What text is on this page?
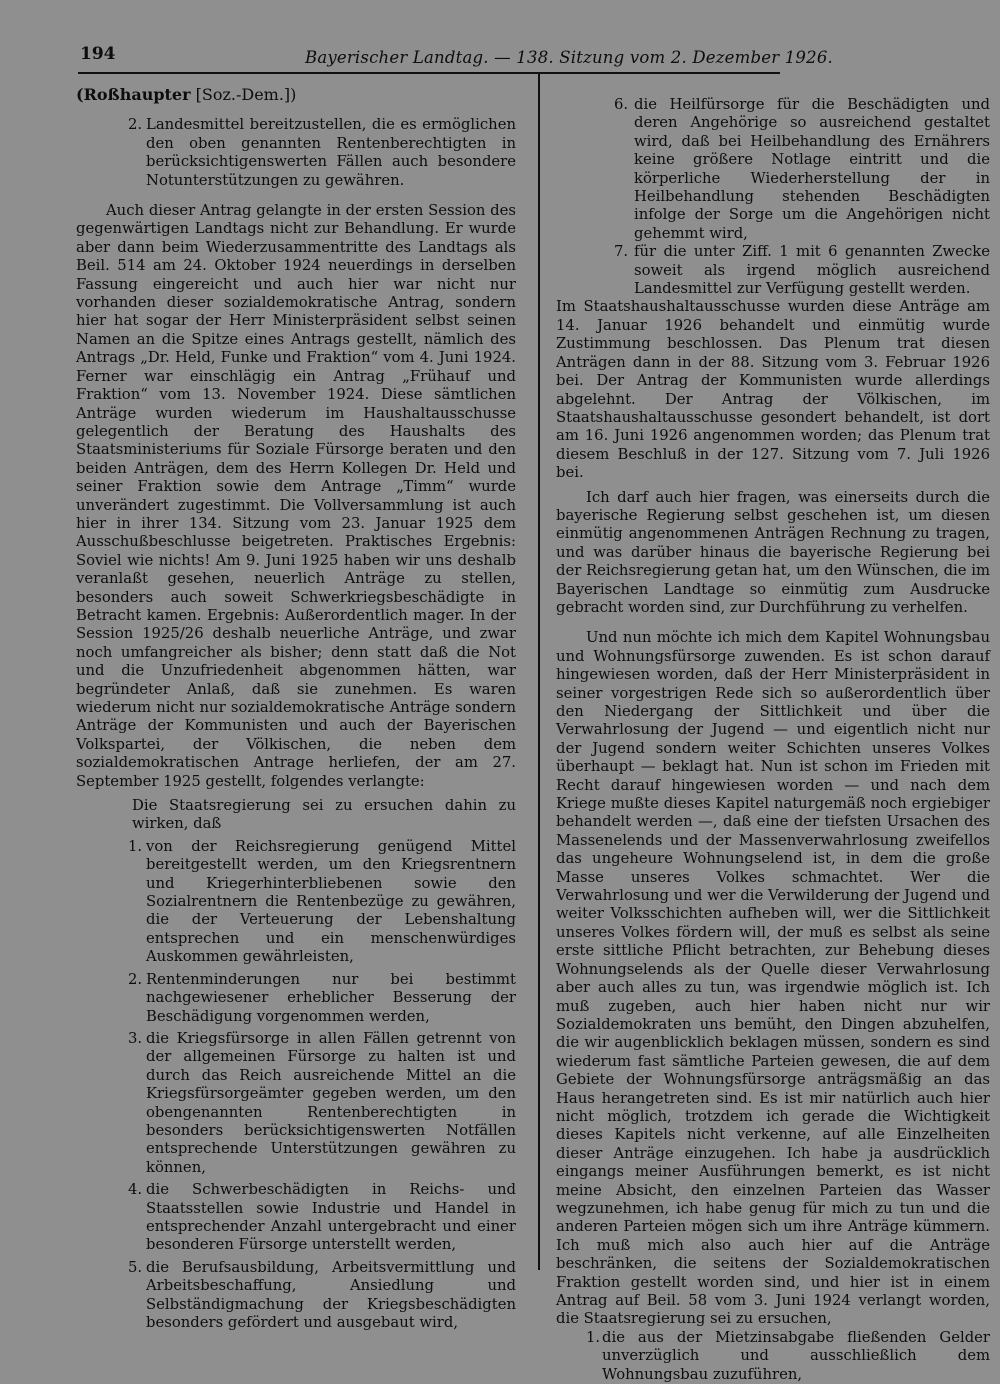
194	Bayerischer Landtag. — 138. Sitzung vom 2. Dezember 1926.
(Roßhaupter [Soz.-Dem.])
2. Landesmittel bereitzustellen, die es ermöglichen den oben genannten Rentenberechtigten in berücksichtigenswerten Fällen auch besondere Notunterstützungen zu gewähren.

Auch dieser Antrag gelangte in der ersten Session des gegenwärtigen Landtags nicht zur Behandlung. Er wurde aber dann beim Wiederzusammentritte des Landtags als Beil. 514 am 24. Oktober 1924 neuerdings in derselben Fassung eingereicht und auch hier war nicht nur vorhanden dieser sozialdemokratische Antrag, sondern hier hat sogar der Herr Ministerpräsident selbst seinen Namen an die Spitze eines Antrags gestellt, nämlich des Antrags „Dr. Held, Funke und Fraktion“ vom 4. Juni 1924. Ferner war einschlägig ein Antrag „Frühauf und Fraktion“ vom 13. November 1924. Diese sämtlichen Anträge wurden wiederum im Haushaltausschusse gelegentlich der Beratung des Haushalts des Staatsministeriums für Soziale Fürsorge beraten und den beiden Anträgen, dem des Herrn Kollegen Dr. Held und seiner Fraktion sowie dem Antrage „Timm“ wurde unverändert zugestimmt. Die Vollversammlung ist auch hier in ihrer 134. Sitzung vom 23. Januar 1925 dem Ausschußbeschlusse beigetreten. Praktisches Ergebnis: Soviel wie nichts! Am 9. Juni 1925 haben wir uns deshalb veranlaßt gesehen, neuerlich Anträge zu stellen, besonders auch soweit Schwerkriegsbeschädigte in Betracht kamen. Ergebnis: Außerordentlich mager. In der Session 1925/26 deshalb neuerliche Anträge, und zwar noch umfangreicher als bisher; denn statt daß die Not und die Unzufriedenheit abgenommen hätten, war begründeter Anlaß, daß sie zunehmen. Es waren wiederum nicht nur sozialdemokratische Anträge sondern Anträge der Kommunisten und auch der Bayerischen Volkspartei, der Völkischen, die neben dem sozialdemokratischen Antrage herliefen, der am 27. September 1925 gestellt, folgendes verlangte:

Die Staatsregierung sei zu ersuchen dahin zu wirken, daß
1. von der Reichsregierung genügend Mittel bereitgestellt werden, um den Kriegsrentnern und Kriegerhinterbliebenen sowie den Sozialrentnern die Rentenbezüge zu gewähren, die der Verteuerung der Lebenshaltung entsprechen und ein menschenwürdiges Auskommen gewährleisten,
2. Rentenminderungen nur bei bestimmt nachgewiesener erheblicher Besserung der Beschädigung vorgenommen werden,
3. die Kriegsfürsorge in allen Fällen getrennt von der allgemeinen Fürsorge zu halten ist und durch das Reich ausreichende Mittel an die Kriegsfürsorgeämter gegeben werden, um den obengenannten Rentenberechtigten in besonders berücksichtigenswerten Notfällen entsprechende Unterstützungen gewähren zu können,
4. die Schwerbeschädigten in Reichs- und Staatsstellen sowie Industrie und Handel in entsprechender Anzahl untergebracht und einer besonderen Fürsorge unterstellt werden,
5. die Berufsausbildung, Arbeitsvermittlung und Arbeitsbeschaffung, Ansiedlung und Selbständigmachung der Kriegsbeschädigten besonders gefördert und ausgebaut wird,
6. die Heilfürsorge für die Beschädigten und deren Angehörige so ausreichend gestaltet wird, daß bei Heilbehandlung des Ernährers keine größere Notlage eintritt und die körperliche Wiederherstellung der in Heilbehandlung stehenden Beschädigten infolge der Sorge um die Angehörigen nicht gehemmt wird,
7. für die unter Ziff. 1 mit 6 genannten Zwecke soweit als irgend möglich ausreichend Landesmittel zur Verfügung gestellt werden.

Im Staatshaushaltausschusse wurden diese Anträge am 14. Januar 1926 behandelt und einmütig wurde Zustimmung beschlossen. Das Plenum trat diesen Anträgen dann in der 88. Sitzung vom 3. Februar 1926 bei. Der Antrag der Kommunisten wurde allerdings abgelehnt. Der Antrag der Völkischen, im Staatshaushaltausschusse gesondert behandelt, ist dort am 16. Juni 1926 angenommen worden; das Plenum trat diesem Beschluß in der 127. Sitzung vom 7. Juli 1926 bei.

Ich darf auch hier fragen, was einerseits durch die bayerische Regierung selbst geschehen ist, um diesen einmütig angenommenen Anträgen Rechnung zu tragen, und was darüber hinaus die bayerische Regierung bei der Reichsregierung getan hat, um den Wünschen, die im Bayerischen Landtage so einmütig zum Ausdrucke gebracht worden sind, zur Durchführung zu verhelfen.

Und nun möchte ich mich dem Kapitel Wohnungsbau und Wohnungsfürsorge zuwenden. Es ist schon darauf hingewiesen worden, daß der Herr Ministerpräsident in seiner vorgestrigen Rede sich so außerordentlich über den Niedergang der Sittlichkeit und über die Verwahrlosung der Jugend — und eigentlich nicht nur der Jugend sondern weiter Schichten unseres Volkes überhaupt — beklagt hat. Nun ist schon im Frieden mit Recht darauf hingewiesen worden — und nach dem Kriege mußte dieses Kapitel naturgemäß noch ergiebiger behandelt werden —, daß eine der tiefsten Ursachen des Massenelends und der Massenverwahrlosung zweifellos das ungeheure Wohnungselend ist, in dem die große Masse unseres Volkes schmachtet. Wer die Verwahrlosung und wer die Verwilderung der Jugend und weiter Volksschichten aufheben will, wer die Sittlichkeit unseres Volkes fördern will, der muß es selbst als seine erste sittliche Pflicht betrachten, zur Behebung dieses Wohnungselends als der Quelle dieser Verwahrlosung aber auch alles zu tun, was irgendwie möglich ist. Ich muß zugeben, auch hier haben nicht nur wir Sozialdemokraten uns bemüht, den Dingen abzuhelfen, die wir augenblicklich beklagen müssen, sondern es sind wiederum fast sämtliche Parteien gewesen, die auf dem Gebiete der Wohnungsfürsorge anträgsmäßig an das Haus herangetreten sind. Es ist mir natürlich auch hier nicht möglich, trotzdem ich gerade die Wichtigkeit dieses Kapitels nicht verkenne, auf alle Einzelheiten dieser Anträge einzugehen. Ich habe ja ausdrücklich eingangs meiner Ausführungen bemerkt, es ist nicht meine Absicht, den einzelnen Parteien das Wasser wegzunehmen, ich habe genug für mich zu tun und die anderen Parteien mögen sich um ihre Anträge kümmern. Ich muß mich also auch hier auf die Anträge beschränken, die seitens der Sozialdemokratischen Fraktion gestellt worden sind, und hier ist in einem Antrag auf Beil. 58 vom 3. Juni 1924 verlangt worden, die Staatsregierung sei zu ersuchen,

1. die aus der Mietzinsabgabe fließenden Gelder unverzüglich und ausschließlich dem Wohnungsbau zuzuführen,
